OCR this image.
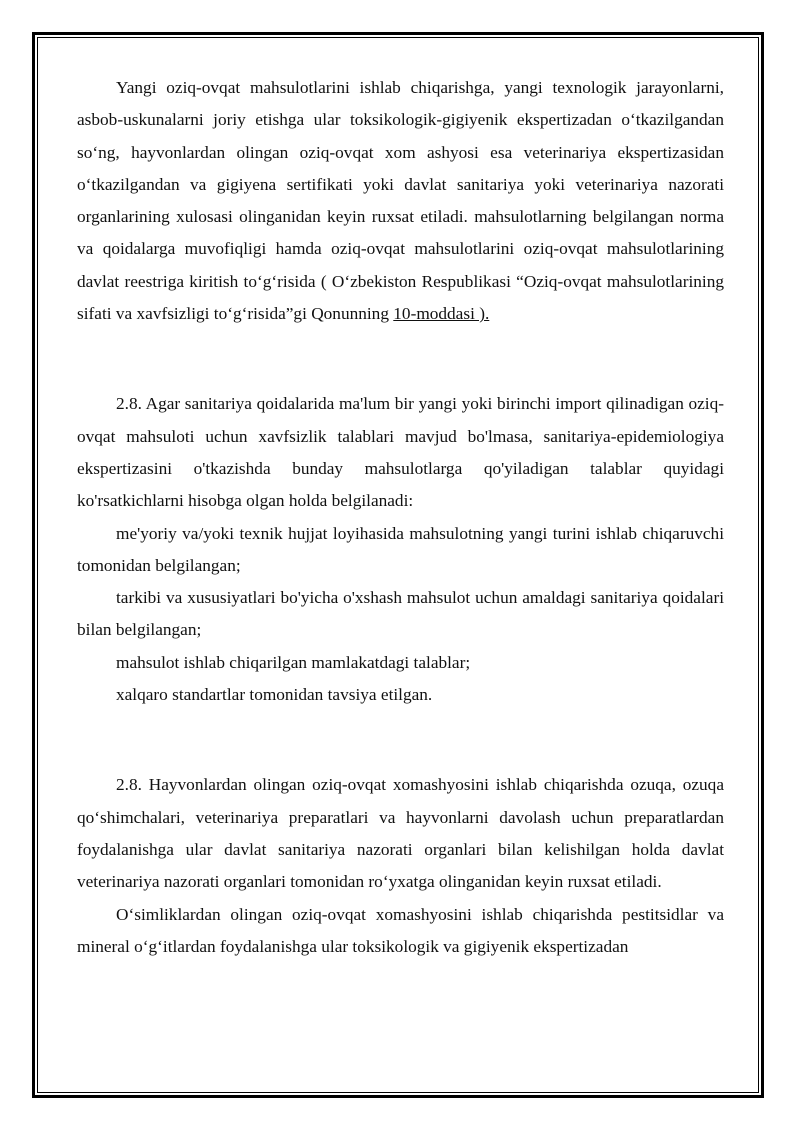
Yangi oziq-ovqat mahsulotlarini ishlab chiqarishga, yangi texnologik jarayonlarni, asbob-uskunalarni joriy etishga ular toksikologik-gigiyenik ekspertizadan o‘tkazilgandan so‘ng, hayvonlardan olingan oziq-ovqat xom ashyosi esa veterinariya ekspertizasidan o‘tkazilgandan va gigiyena sertifikati yoki davlat sanitariya yoki veterinariya nazorati organlarining xulosasi olinganidan keyin ruxsat etiladi. mahsulotlarning belgilangan norma va qoidalarga muvofiqligi hamda oziq-ovqat mahsulotlarini oziq-ovqat mahsulotlarining davlat reestriga kiritish to‘g‘risida ( O‘zbekiston Respublikasi “Oziq-ovqat mahsulotlarining sifati va xavfsizligi to‘g‘risida”gi Qonunning 10-moddasi ).

2.8. Agar sanitariya qoidalarida ma'lum bir yangi yoki birinchi import qilinadigan oziq-ovqat mahsuloti uchun xavfsizlik talablari mavjud bo'lmasa, sanitariya-epidemiologiya ekspertizasini o'tkazishda bunday mahsulotlarga qo'yiladigan talablar quyidagi ko'rsatkichlarni hisobga olgan holda belgilanadi:

me'yoriy va/yoki texnik hujjat loyihasida mahsulotning yangi turini ishlab chiqaruvchi tomonidan belgilangan;

tarkibi va xususiyatlari bo'yicha o'xshash mahsulot uchun amaldagi sanitariya qoidalari bilan belgilangan;

mahsulot ishlab chiqarilgan mamlakatdagi talablar;

xalqaro standartlar tomonidan tavsiya etilgan.

2.8. Hayvonlardan olingan oziq-ovqat xomashyosini ishlab chiqarishda ozuqa, ozuqa qo‘shimchalari, veterinariya preparatlari va hayvonlarni davolash uchun preparatlardan foydalanishga ular davlat sanitariya nazorati organlari bilan kelishilgan holda davlat veterinariya nazorati organlari tomonidan ro‘yxatga olinganidan keyin ruxsat etiladi.

O‘simliklardan olingan oziq-ovqat xomashyosini ishlab chiqarishda pestitsidlar va mineral o‘g‘itlardan foydalanishga ular toksikologik va gigiyenik ekspertizadan
